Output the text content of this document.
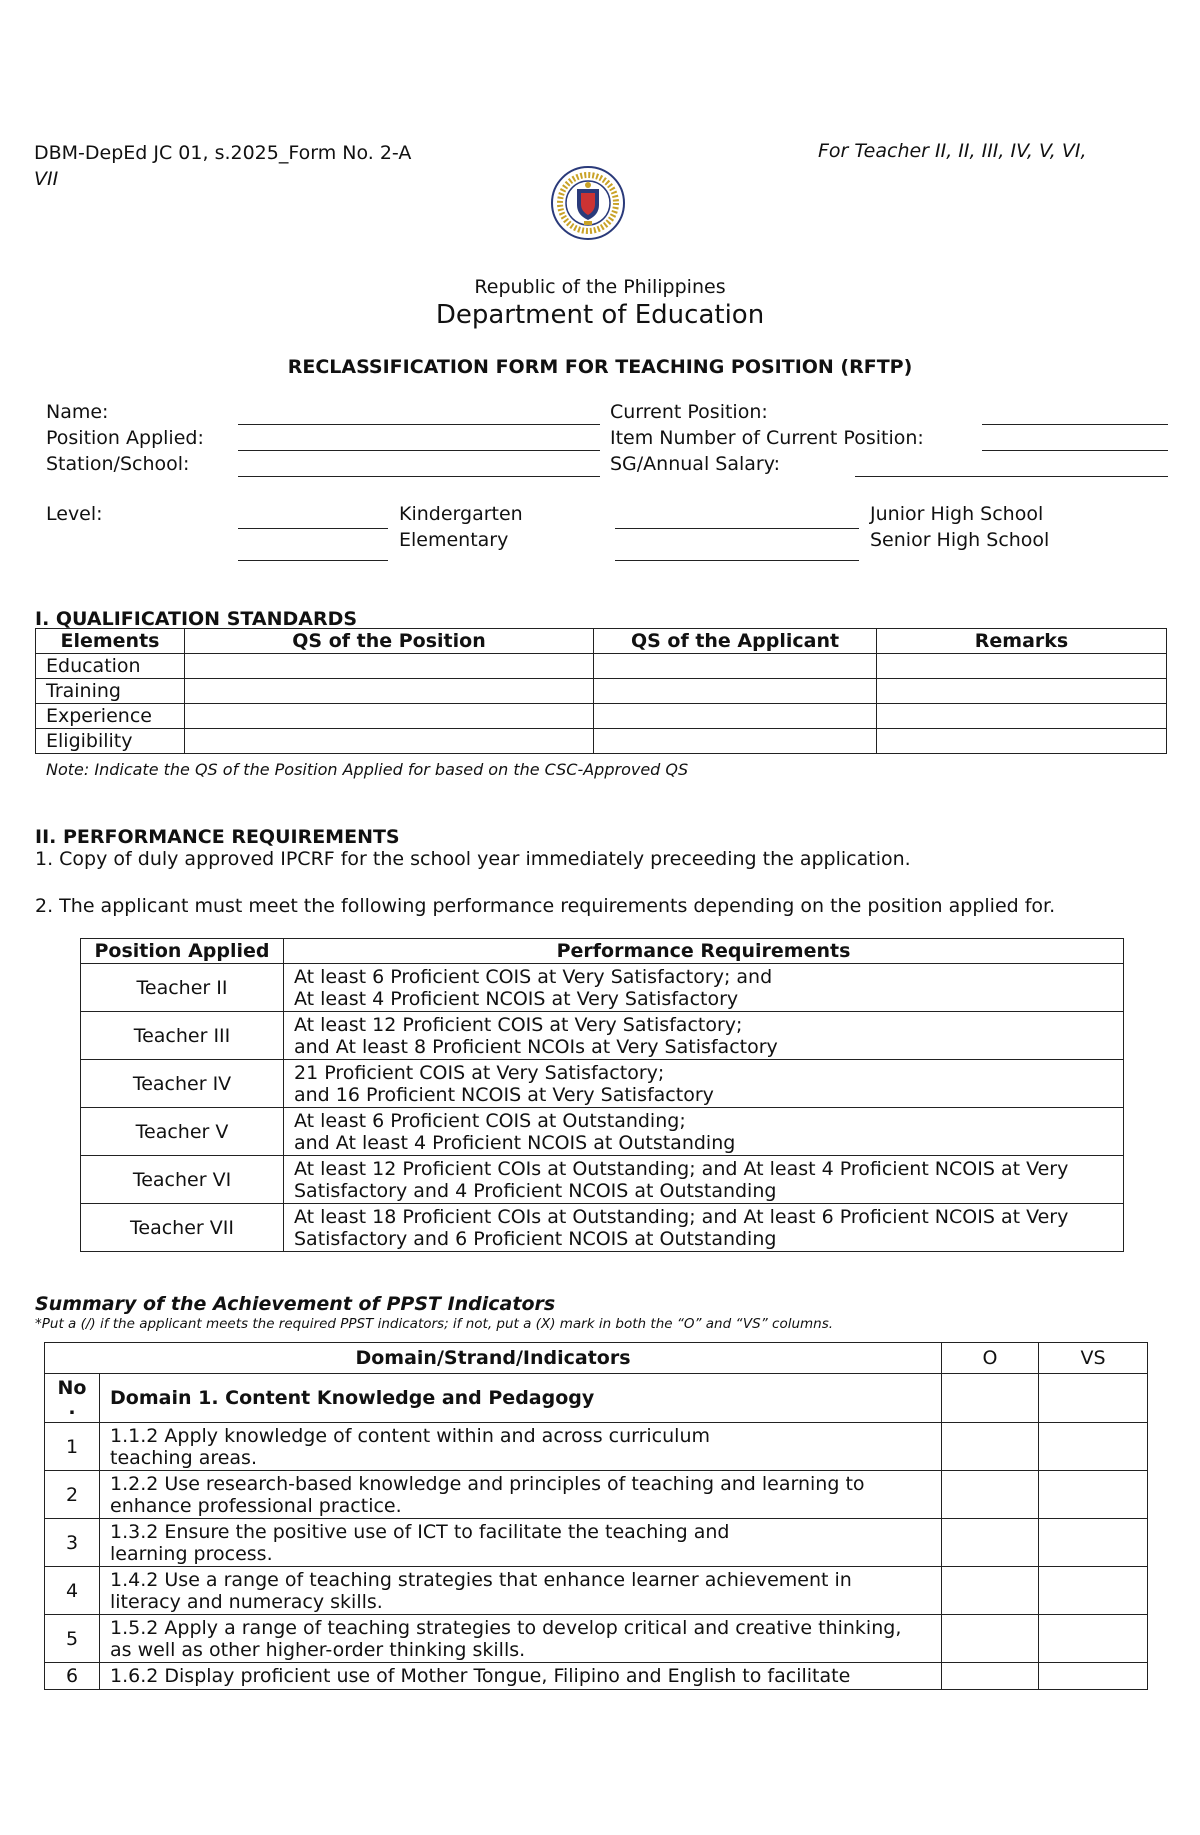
DBM-DepEd JC 01, s.2025_Form No. 2-A
VII
For Teacher II, II, III, IV, V, VI,
Republic of the Philippines
Department of Education
RECLASSIFICATION FORM FOR TEACHING POSITION (RFTP)
Name:
Position Applied:
Station/School:
Current Position:
Item Number of Current Position:
SG/Annual Salary:
Level:	Kindergarten
Elementary
Junior High School
Senior High School
I. QUALIFICATION STANDARDS
Elements	QS of the Position	QS of the Applicant	Remarks
Education			
Training			
Experience			
Eligibility			
Note: Indicate the QS of the Position Applied for based on the CSC-Approved QS
II. PERFORMANCE REQUIREMENTS
1. Copy of duly approved IPCRF for the school year immediately preceeding the application.
2. The applicant must meet the following performance requirements depending on the position applied for.
Position Applied	Performance Requirements
Teacher II	At least 6 Proficient COIS at Very Satisfactory; and
At least 4 Proficient NCOIS at Very Satisfactory

Teacher III	At least 12 Proficient COIS at Very Satisfactory;
and At least 8 Proficient NCOIs at Very Satisfactory

Teacher IV	21 Proficient COIS at Very Satisfactory;
and 16 Proficient NCOIS at Very Satisfactory

Teacher V	At least 6 Proficient COIS at Outstanding;
and At least 4 Proficient NCOIS at Outstanding

Teacher VI	At least 12 Proficient COIs at Outstanding; and At least 4 Proficient NCOIS at Very
Satisfactory and 4 Proficient NCOIS at Outstanding

Teacher VII	At least 18 Proficient COIs at Outstanding; and At least 6 Proficient NCOIS at Very
Satisfactory and 6 Proficient NCOIS at Outstanding
Summary of the Achievement of PPST Indicators
*Put a (/) if the applicant meets the required PPST indicators; if not, put a (X) mark in both the “O” and “VS” columns.
Domain/Strand/Indicators		O	VS

No
.	Domain 1. Content Knowledge and Pedagogy		
1	1.1.2 Apply knowledge of content within and across curriculum
teaching areas.		

2	1.2.2 Use research-based knowledge and principles of teaching and learning to
enhance professional practice.		

3	1.3.2 Ensure the positive use of ICT to facilitate the teaching and
learning process.		

4	1.4.2 Use a range of teaching strategies that enhance learner achievement in
literacy and numeracy skills.		

5	1.5.2 Apply a range of teaching strategies to develop critical and creative thinking,
as well as other higher-order thinking skills.		

6	1.6.2 Display proficient use of Mother Tongue, Filipino and English to facilitate		
